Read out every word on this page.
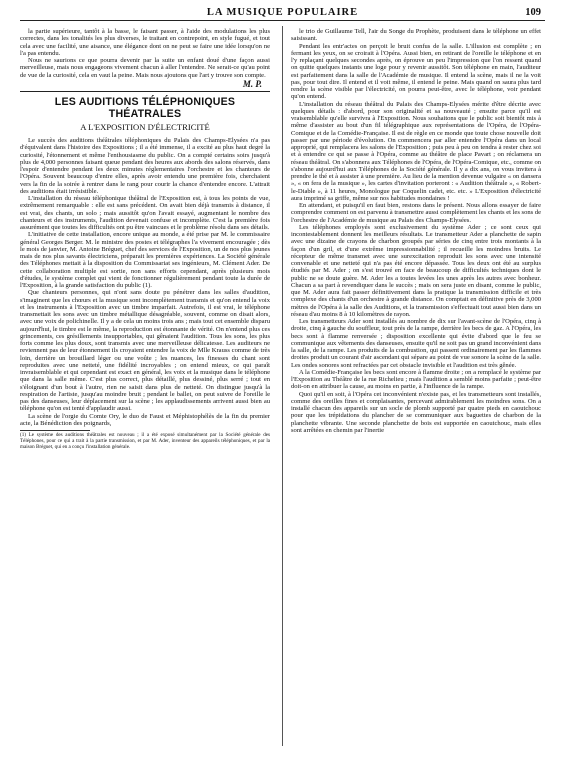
LA MUSIQUE POPULAIRE	109

la partie supérieure, tantôt à la basse, le faisant passer, à l'aide des modulations les plus correctes, dans les tonalités les plus diverses, le traitant en contrepoint, en style fugué, et tout cela avec une facilité, une aisance, une élégance dont on ne peut se faire une idée lorsqu'on ne l'a pas entendu.

Nous ne saurions ce que pourra devenir par la suite un enfant doué d'une façon aussi merveilleuse, mais nous engageons vivement chacun à aller l'entendre. Ne serait-ce qu'au point de vue de la curiosité, cela en vaut la peine. Mais nous ajoutons que l'art y trouve son compte.

M. P.
LES AUDITIONS TÉLÉPHONIQUES THÉATRALES
A L'EXPOSITION D'ÉLECTRICITÉ

Le succès des auditions théâtrales téléphoniques du Palais des Champs-Elysées n'a pas d'équivalent dans l'histoire des Expositions ; il a été immense, il a excité au plus haut degré la curiosité, l'étonnement et même l'enthousiasme du public. On a compté certains soirs jusqu'à plus de 4,000 personnes faisant queue pendant des heures aux abords des salons réservés, dans l'espoir d'entendre pendant les deux minutes réglementaires l'orchestre et les chanteurs de l'Opéra. Souvent beaucoup d'entre elles, après avoir entendu une première fois, cherchaient vers la fin de la soirée à rentrer dans le rang pour courir la chance d'entendre encore. L'attrait des auditions était irrésistible.

L'installation du réseau téléphonique théâtral de l'Exposition est, à tous les points de vue, extrêmement remarquable : elle est sans précédent. On avait bien déjà transmis à distance, il est vrai, des chants, un solo ; mais aussitôt qu'on l'avait essayé, augmentant le nombre des chanteurs et des instruments, l'audition devenait confuse et incomplète. C'est la première fois assurément que toutes les difficultés ont pu être vaincues et le problème résolu dans ses détails.

L'initiative de cette installation, encore unique au monde, a été prise par M. le commissaire général Georges Berger. M. le ministre des postes et télégraphes l'a vivement encouragée ; dès le mois de janvier, M. Antoine Bréguet, chef des services de l'Exposition, un de nos plus jeunes mais de nos plus savants électriciens, préparait les premières expériences. La Société générale des Téléphones mettait à la disposition du Commissariat ses ingénieurs, M. Clément Ader. De cette collaboration multiple est sortie, non sans efforts cependant, après plusieurs mois d'études, le système complet qui vient de fonctionner régulièrement pendant toute la durée de l'Exposition, à la grande satisfaction du public (1).

Que chanteurs personnes, qui n'ont sans doute pu pénétrer dans les salles d'audition, s'imaginent que les chœurs et la musique sont incomplètement transmis et qu'on entend la voix et les instruments à l'Exposition avec un timbre imparfait. Autrefois, il est vrai, le téléphone transmettait les sons avec un timbre métallique désagréable, souvent, comme on disait alors, avec une voix de polichinelle. Il y a de cela un moins trois ans ; mais tout cet ensemble disparu aujourd'hui, le timbre est le même, la reproduction est étonnante de vérité. On n'entend plus ces grincements, ces grésillements insupportables, qui gênaient l'audition. Tous les sons, les plus forts comme les plus doux, sont transmis avec une merveilleuse délicatesse. Les auditeurs ne reviennent pas de leur étonnement ils croyaient entendre la voix de Mlle Krauss comme de très loin, derrière un brouillard léger ou une voûte ; les nuances, les finesses du chant sont reproduites avec une netteté, une fidélité incroyables ; on entend mieux, ce qui paraît invraisemblable et qui cependant est exact en général, les voix et la musique dans le téléphone que dans la salle même. C'est plus correct, plus détaillé, plus dessiné, plus serré ; tout en s'éloignant d'un bout à l'autre, rien ne saisit dans plus de netteté. On distingue jusqu'à la respiration de l'artiste, jusqu'au moindre bruit ; pendant le ballet, on peut suivre de l'oreille le pas des danseuses, leur déplacement sur la scène ; les applaudissements arrivent aussi bien au téléphone qu'on est tenté d'applaudir aussi.

La scène de l'orgie du Comte Ory, le duo de Faust et Méphistophélès de la fin du premier acte, la Bénédiction des poignards,

(1) Le système des auditions théâtrales est nouveau ; il a été exposé simultanément par la Société générale des Téléphones, pour ce qui a trait à la partie transmission, et par M. Ader, inventeur des appareils téléphoniques, et par la maison Bréguet, qui en a conçu l'installation générale.

le trio de Guillaume Tell, l'air du Songe du Prophète, produisent dans le téléphone un effet saisissant.

Pendant les entr'actes on perçoit le bruit confus de la salle. L'illusion est complète ; en fermant les yeux, on se croirait à l'Opéra. Aussi bien, en retirant de l'oreille le téléphone et en l'y replaçant quelques secondes après, on éprouve un peu l'impression que l'on ressent quand on quitte quelques instants une loge pour y revenir aussitôt. Son téléphone en main, l'auditeur est parfaitement dans la salle de l'Académie de musique. Il entend la scène, mais il ne la voit pas, pour tout dire. Il entend et il voit même, il entend le peine. Mais quand on saura plus tard rendre la scène visible par l'électricité, on pourra peut-être, avec le téléphone, voir pendant qu'on entend.

L'installation du réseau théâtral du Palais des Champs-Elysées mérite d'être décrite avec quelques détails : d'abord, pour son originalité et sa nouveauté ; ensuite parce qu'il est vraisemblable qu'elle survivra à l'Exposition. Nous souhaitons que le public soit bientôt mis à même d'assister au bout d'un fil télégraphique aux représentations de l'Opéra, de l'Opéra-Comique et de la Comédie-Française. Il est de règle en ce monde que toute chose nouvelle doit passer par une période d'évolution. On commencera par aller entendre l'Opéra dans un local approprié, qui remplacera les salons de l'Exposition ; puis peu à peu on tendra à rester chez soi et à entendre ce qui se passe à l'Opéra, comme au théâtre de place Pavart ; on réclamera un réseau théâtral. On s'abonnera aux Téléphones de l'Opéra, de l'Opéra-Comique, etc., comme on s'abonne aujourd'hui aux Téléphones de la Société générale. Il y a dix ans, on vous invitera à prendre le thé et à assister à une première. Au lieu de la mention devenue vulgaire « on dansera », « on fera de la musique », les cartes d'invitation porteront : « Audition théâtrale », « Robert-le-Diable », à 11 heures, Monologue par Coquelin cadet, etc. etc. » L'Exposition d'électricité aura imprimé sa griffe, même sur nos habitudes mondaines !

En attendant, et puisqu'il en faut bien, restons dans le présent. Nous allons essayer de faire comprendre comment on est parvenu à transmettre aussi complètement les chants et les sons de l'orchestre de l'Académie de musique au Palais des Champs-Elysées.

Les téléphones employés sont exclusivement du système Ader ; ce sont ceux qui incontestablement donnent les meilleurs résultats. Le transmetteur Ader a planchette de sapin avec une dizaine de crayons de charbon groupés par séries de cinq entre trois montants à la façon d'un gril, et d'une extrême impressionnabilité ; il recueille les moindres bruits. Le récepteur de même transmet avec une surexcitation reproduit les sons avec une intensité convenable et une netteté qui n'a pas été encore dépassée. Tous les deux ont été au surplus étudiés par M. Ader ; on s'est trouvé en face de beaucoup de difficultés techniques dont le public ne se doute guère. M. Ader les a toutes levées les unes après les autres avec bonheur. Chacun a sa part à revendiquer dans le succès ; mais on sera juste en disant, comme le public, que M. Ader aura fait passer définitivement dans la pratique la transmission difficile et très complexe des chants d'un orchestre à grande distance. On comptait en définitive près de 3,000 mètres de l'Opéra à la salle des Auditions, et la transmission s'effectuait tout aussi bien dans un réseau d'au moins 8 à 10 kilomètres de rayon.

Les transmetteurs Ader sont installés au nombre de dix sur l'avant-scène de l'Opéra, cinq à droite, cinq à gauche du souffleur, tout près de la rampe, derrière les becs de gaz. A l'Opéra, les becs sont à flamme renversée ; disposition excellente qui évite d'abord que le feu se communique aux vêtements des danseuses, ensuite qu'il ne soit pas un grand inconvénient dans la salle, de la rampe. Les produits de la combustion, qui passent ordinairement par les flammes droites produit un courant d'air ascendant qui sépare au point de vue sonore la scène de la salle. Les ondes sonores sont refractées par cet obstacle invisible et l'audition est très gênée.

A la Comédie-Française les becs sont encore à flamme droite ; on a remplacé le système par l'Exposition au Théâtre de la rue Richelieu ; mais l'audition a semblé moins parfaite ; peut-être doit-on en attribuer la cause, au moins en partie, à l'influence de la rampe.

Quoi qu'il en soit, à l'Opéra cet inconvénient n'existe pas, et les transmetteurs sont installés, comme des oreilles fines et complaisantes, percevant admirablement les moindres sons. On a installé chacun des appareils sur un socle de plomb supporté par quatre pieds en caoutchouc pour que les trépidations du plancher de se communiquer aux baguettes de charbon de la planchette vibrante. Une seconde planchette de bois est supportée en caoutchouc, mais elles sont arrêtées en chemin par l'inertie
